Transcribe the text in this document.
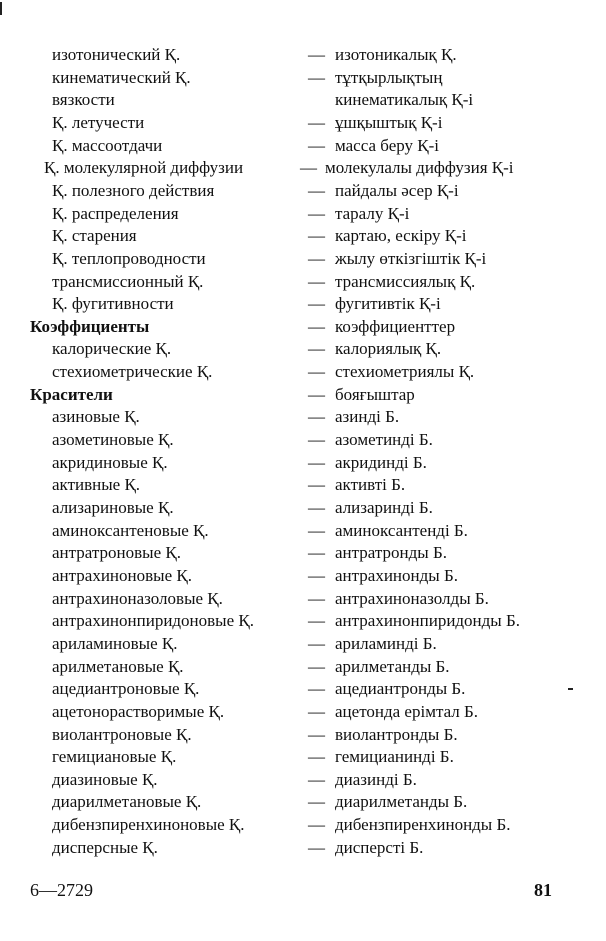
изотонический Қ.	— изотоникалық Қ.
кинематический Қ.	— тұтқырлықтың
вязкости	кинематикалық Қ-і
Қ. летучести	— ұшқыштық Қ-і
Қ. массоотдачи	— масса беру Қ-і
Қ. молекулярной диффузии	— молекулалы диффузия Қ-і
Қ. полезного действия	— пайдалы әсер Қ-і
Қ. распределения	— таралу Қ-і
Қ. старения	— картаю, ескіру Қ-і
Қ. теплопроводности	— жылу өткізгіштік Қ-і
трансмиссионный Қ.	— трансмиссиялық Қ.
Қ. фугитивности	— фугитивтік Қ-і
Коэффициенты	— коэффициенттер
калорические Қ.	— калориялық Қ.
стехиометрические Қ.	— стехиометриялы Қ.
Красители	— бояғыштар
азиновые Қ.	— азинді Б.
азометиновые Қ.	— азометинді Б.
акридиновые Қ.	— акридинді Б.
активные Қ.	— активті Б.
ализариновые Қ.	— ализаринді Б.
аминоксантеновые Қ.	— аминоксантенді Б.
антратроновые Қ.	— антратронды Б.
антрахиноновые Қ.	— антрахинонды Б.
антрахиноназоловые Қ.	— антрахиноназолды Б.
антрахинонпиридоновые Қ.	— антрахинонпиридонды Б.
ариламиновые Қ.	— ариламинді Б.
арилметановые Қ.	— арилметанды Б.
ацедиантроновые Қ.	— ацедиантронды Б.
ацетонорастворимые Қ.	— ацетонда ерімтал Б.
виолантроновые Қ.	— виолантронды Б.
гемициановые Қ.	— гемицианинді Б.
диазиновые Қ.	— диазинді Б.
диарилметановые Қ.	— диарилметанды Б.
дибензпиренхиноновые Қ.	— дибензпиренхинонды Б.
дисперсные Қ.	— дисперсті Б.
6—2729	81
